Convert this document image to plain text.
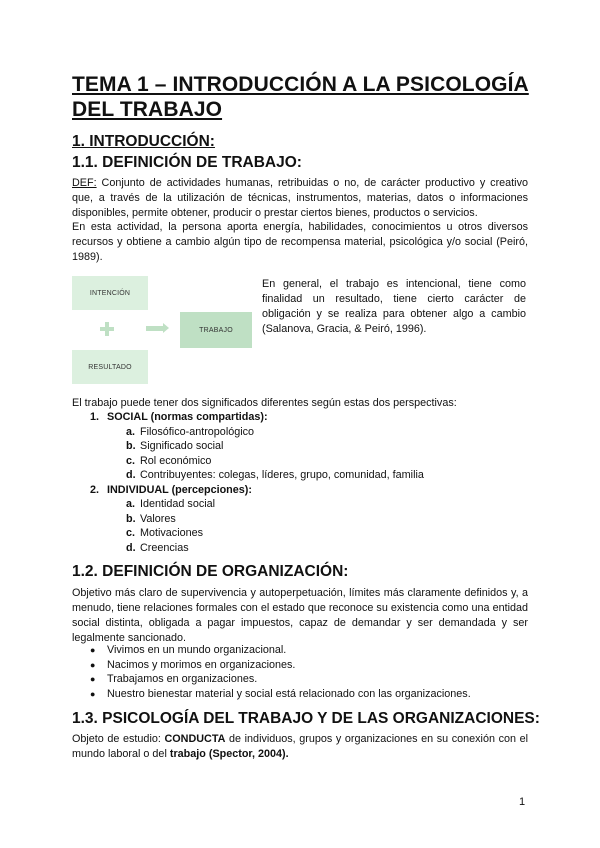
TEMA 1 – INTRODUCCIÓN A LA PSICOLOGÍA DEL TRABAJO
1. INTRODUCCIÓN:
1.1. DEFINICIÓN DE TRABAJO:

DEF: Conjunto de actividades humanas, retribuidas o no, de carácter productivo y creativo que, a través de la utilización de técnicas, instrumentos, materias, datos o informaciones disponibles, permite obtener, producir o prestar ciertos bienes, productos o servicios.

En esta actividad, la persona aporta energía, habilidades, conocimientos u otros diversos recursos y obtiene a cambio algún tipo de recompensa material, psicológica y/o social (Peiró, 1989).

INTENCIÓN
TRABAJO
RESULTADO

En general, el trabajo es intencional, tiene como finalidad un resultado, tiene cierto carácter de obligación y se realiza para obtener algo a cambio (Salanova, Gracia, & Peiró, 1996).

El trabajo puede tener dos significados diferentes según estas dos perspectivas:

1. SOCIAL (normas compartidas):
a. Filosófico-antropológico
b. Significado social
c. Rol económico
d. Contribuyentes: colegas, líderes, grupo, comunidad, familia
2. INDIVIDUAL (percepciones):
a. Identidad social
b. Valores
c. Motivaciones
d. Creencias
1.2. DEFINICIÓN DE ORGANIZACIÓN:

Objetivo más claro de supervivencia y autoperpetuación, límites más claramente definidos y, a menudo, tiene relaciones formales con el estado que reconoce su existencia como una entidad social distinta, obligada a pagar impuestos, capaz de demandar y ser demandada y ser legalmente sancionado.

● Vivimos en un mundo organizacional.
● Nacimos y morimos en organizaciones.
● Trabajamos en organizaciones.
● Nuestro bienestar material y social está relacionado con las organizaciones.
1.3. PSICOLOGÍA DEL TRABAJO Y DE LAS ORGANIZACIONES:

Objeto de estudio: CONDUCTA de individuos, grupos y organizaciones en su conexión con el mundo laboral o del trabajo (Spector, 2004).

1
